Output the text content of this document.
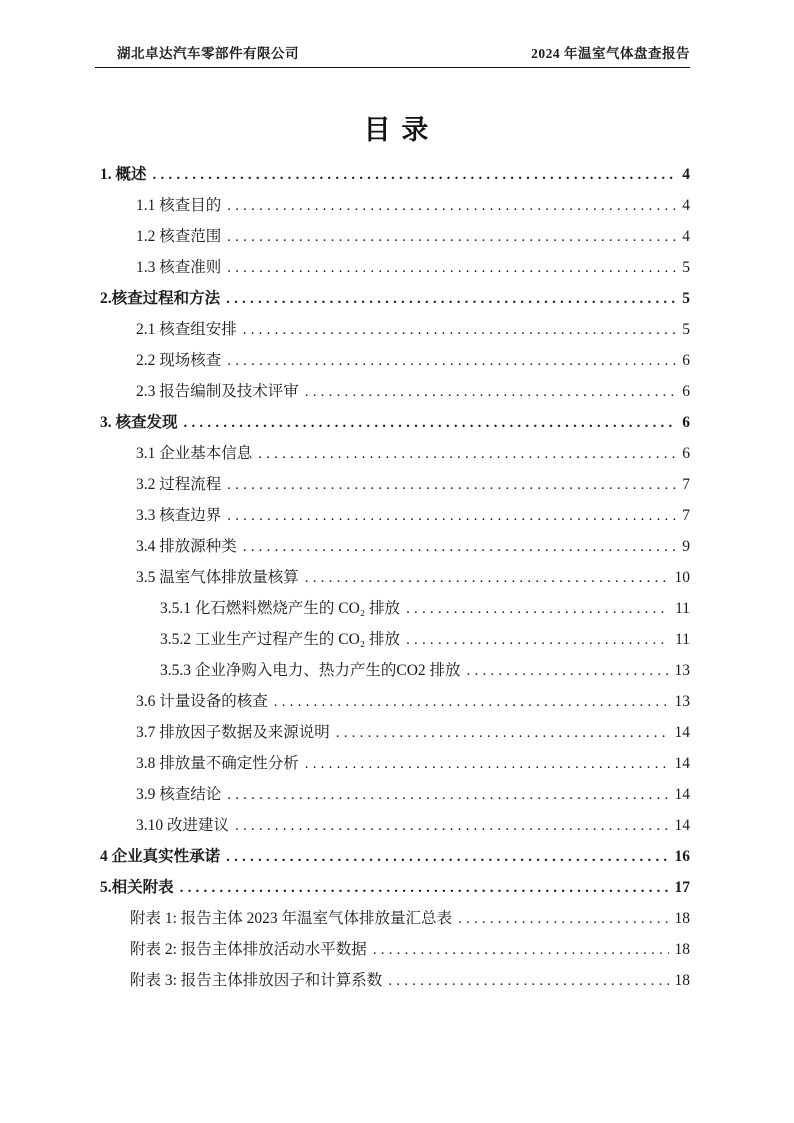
湖北卓达汽车零部件有限公司	2024 年温室气体盘查报告
目 录
1. 概述 .....	4
1.1 核查目的 .....	4
1.2 核查范围 .....	4
1.3 核查准则 .....	5
2.核查过程和方法 .....	5
2.1 核查组安排 .....	5
2.2 现场核查 .....	6
2.3 报告编制及技术评审 .....	6
3. 核查发现 .....	6
3.1 企业基本信息 .....	6
3.2 过程流程 .....	7
3.3 核查边界 .....	7
3.4 排放源种类 .....	9
3.5 温室气体排放量核算 .....	10
3.5.1 化石燃料燃烧产生的 CO₂ 排放 .....	11
3.5.2 工业生产过程产生的 CO₂ 排放 .....	11
3.5.3 企业净购入电力、热力产生的CO2 排放 .....	13
3.6 计量设备的核查 .....	13
3.7 排放因子数据及来源说明 .....	14
3.8 排放量不确定性分析 .....	14
3.9 核查结论 .....	14
3.10 改进建议 .....	14
4 企业真实性承诺 .....	16
5.相关附表 .....	17
附表 1: 报告主体 2023 年温室气体排放量汇总表 .....	18
附表 2: 报告主体排放活动水平数据 .....	18
附表 3: 报告主体排放因子和计算系数 .....	18
